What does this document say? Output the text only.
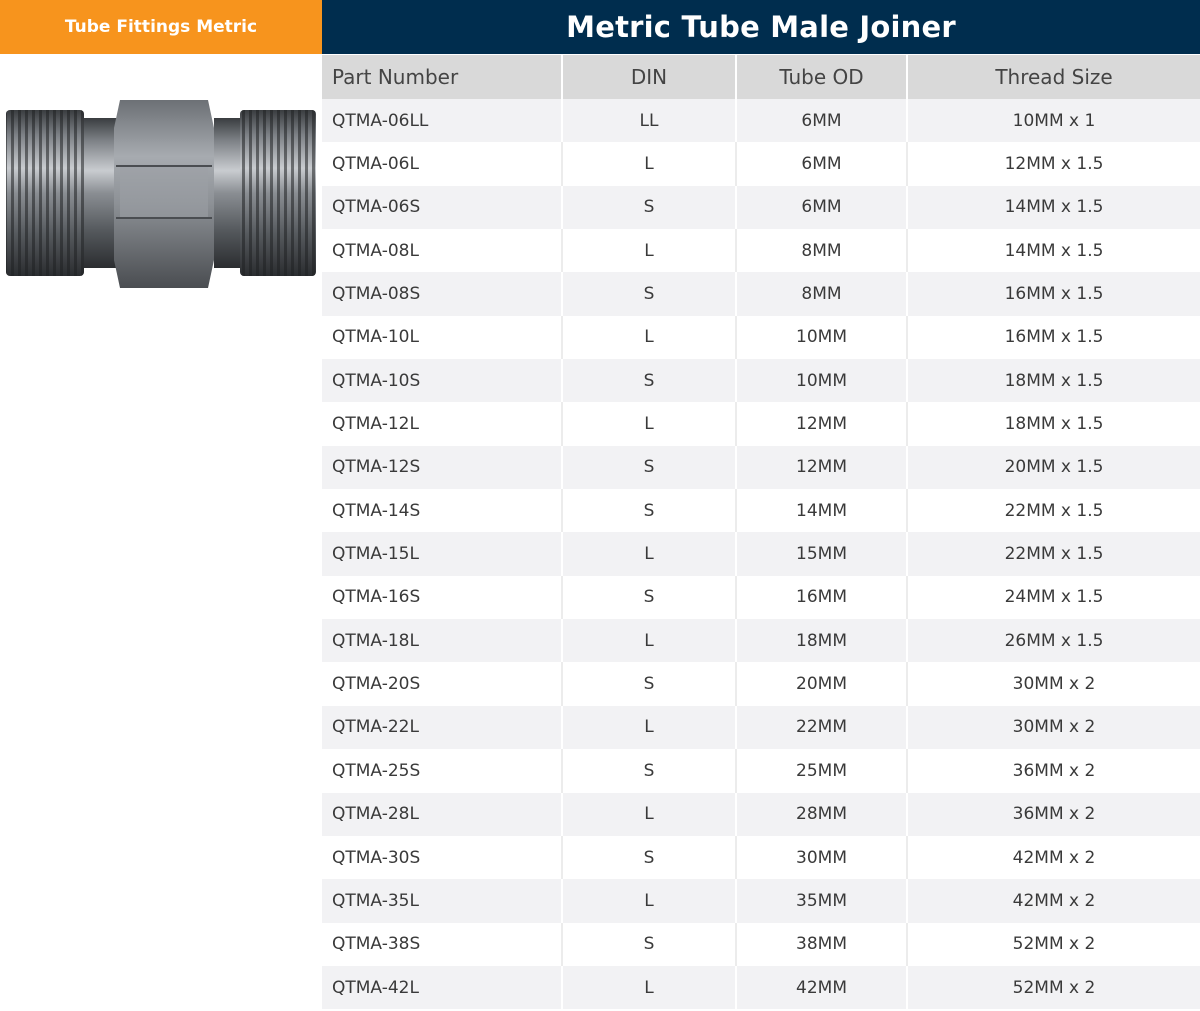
Tube Fittings Metric	Metric Tube Male Joiner
Part Number	DIN	Tube OD	Thread Size
QTMA-06LL	LL	6MM	10MM x 1
QTMA-06L	L	6MM	12MM x 1.5
QTMA-06S	S	6MM	14MM x 1.5
QTMA-08L	L	8MM	14MM x 1.5
QTMA-08S	S	8MM	16MM x 1.5
QTMA-10L	L	10MM	16MM x 1.5
QTMA-10S	S	10MM	18MM x 1.5
QTMA-12L	L	12MM	18MM x 1.5
QTMA-12S	S	12MM	20MM x 1.5
QTMA-14S	S	14MM	22MM x 1.5
QTMA-15L	L	15MM	22MM x 1.5
QTMA-16S	S	16MM	24MM x 1.5
QTMA-18L	L	18MM	26MM x 1.5
QTMA-20S	S	20MM	30MM x 2
QTMA-22L	L	22MM	30MM x 2
QTMA-25S	S	25MM	36MM x 2
QTMA-28L	L	28MM	36MM x 2
QTMA-30S	S	30MM	42MM x 2
QTMA-35L	L	35MM	42MM x 2
QTMA-38S	S	38MM	52MM x 2
QTMA-42L	L	42MM	52MM x 2
